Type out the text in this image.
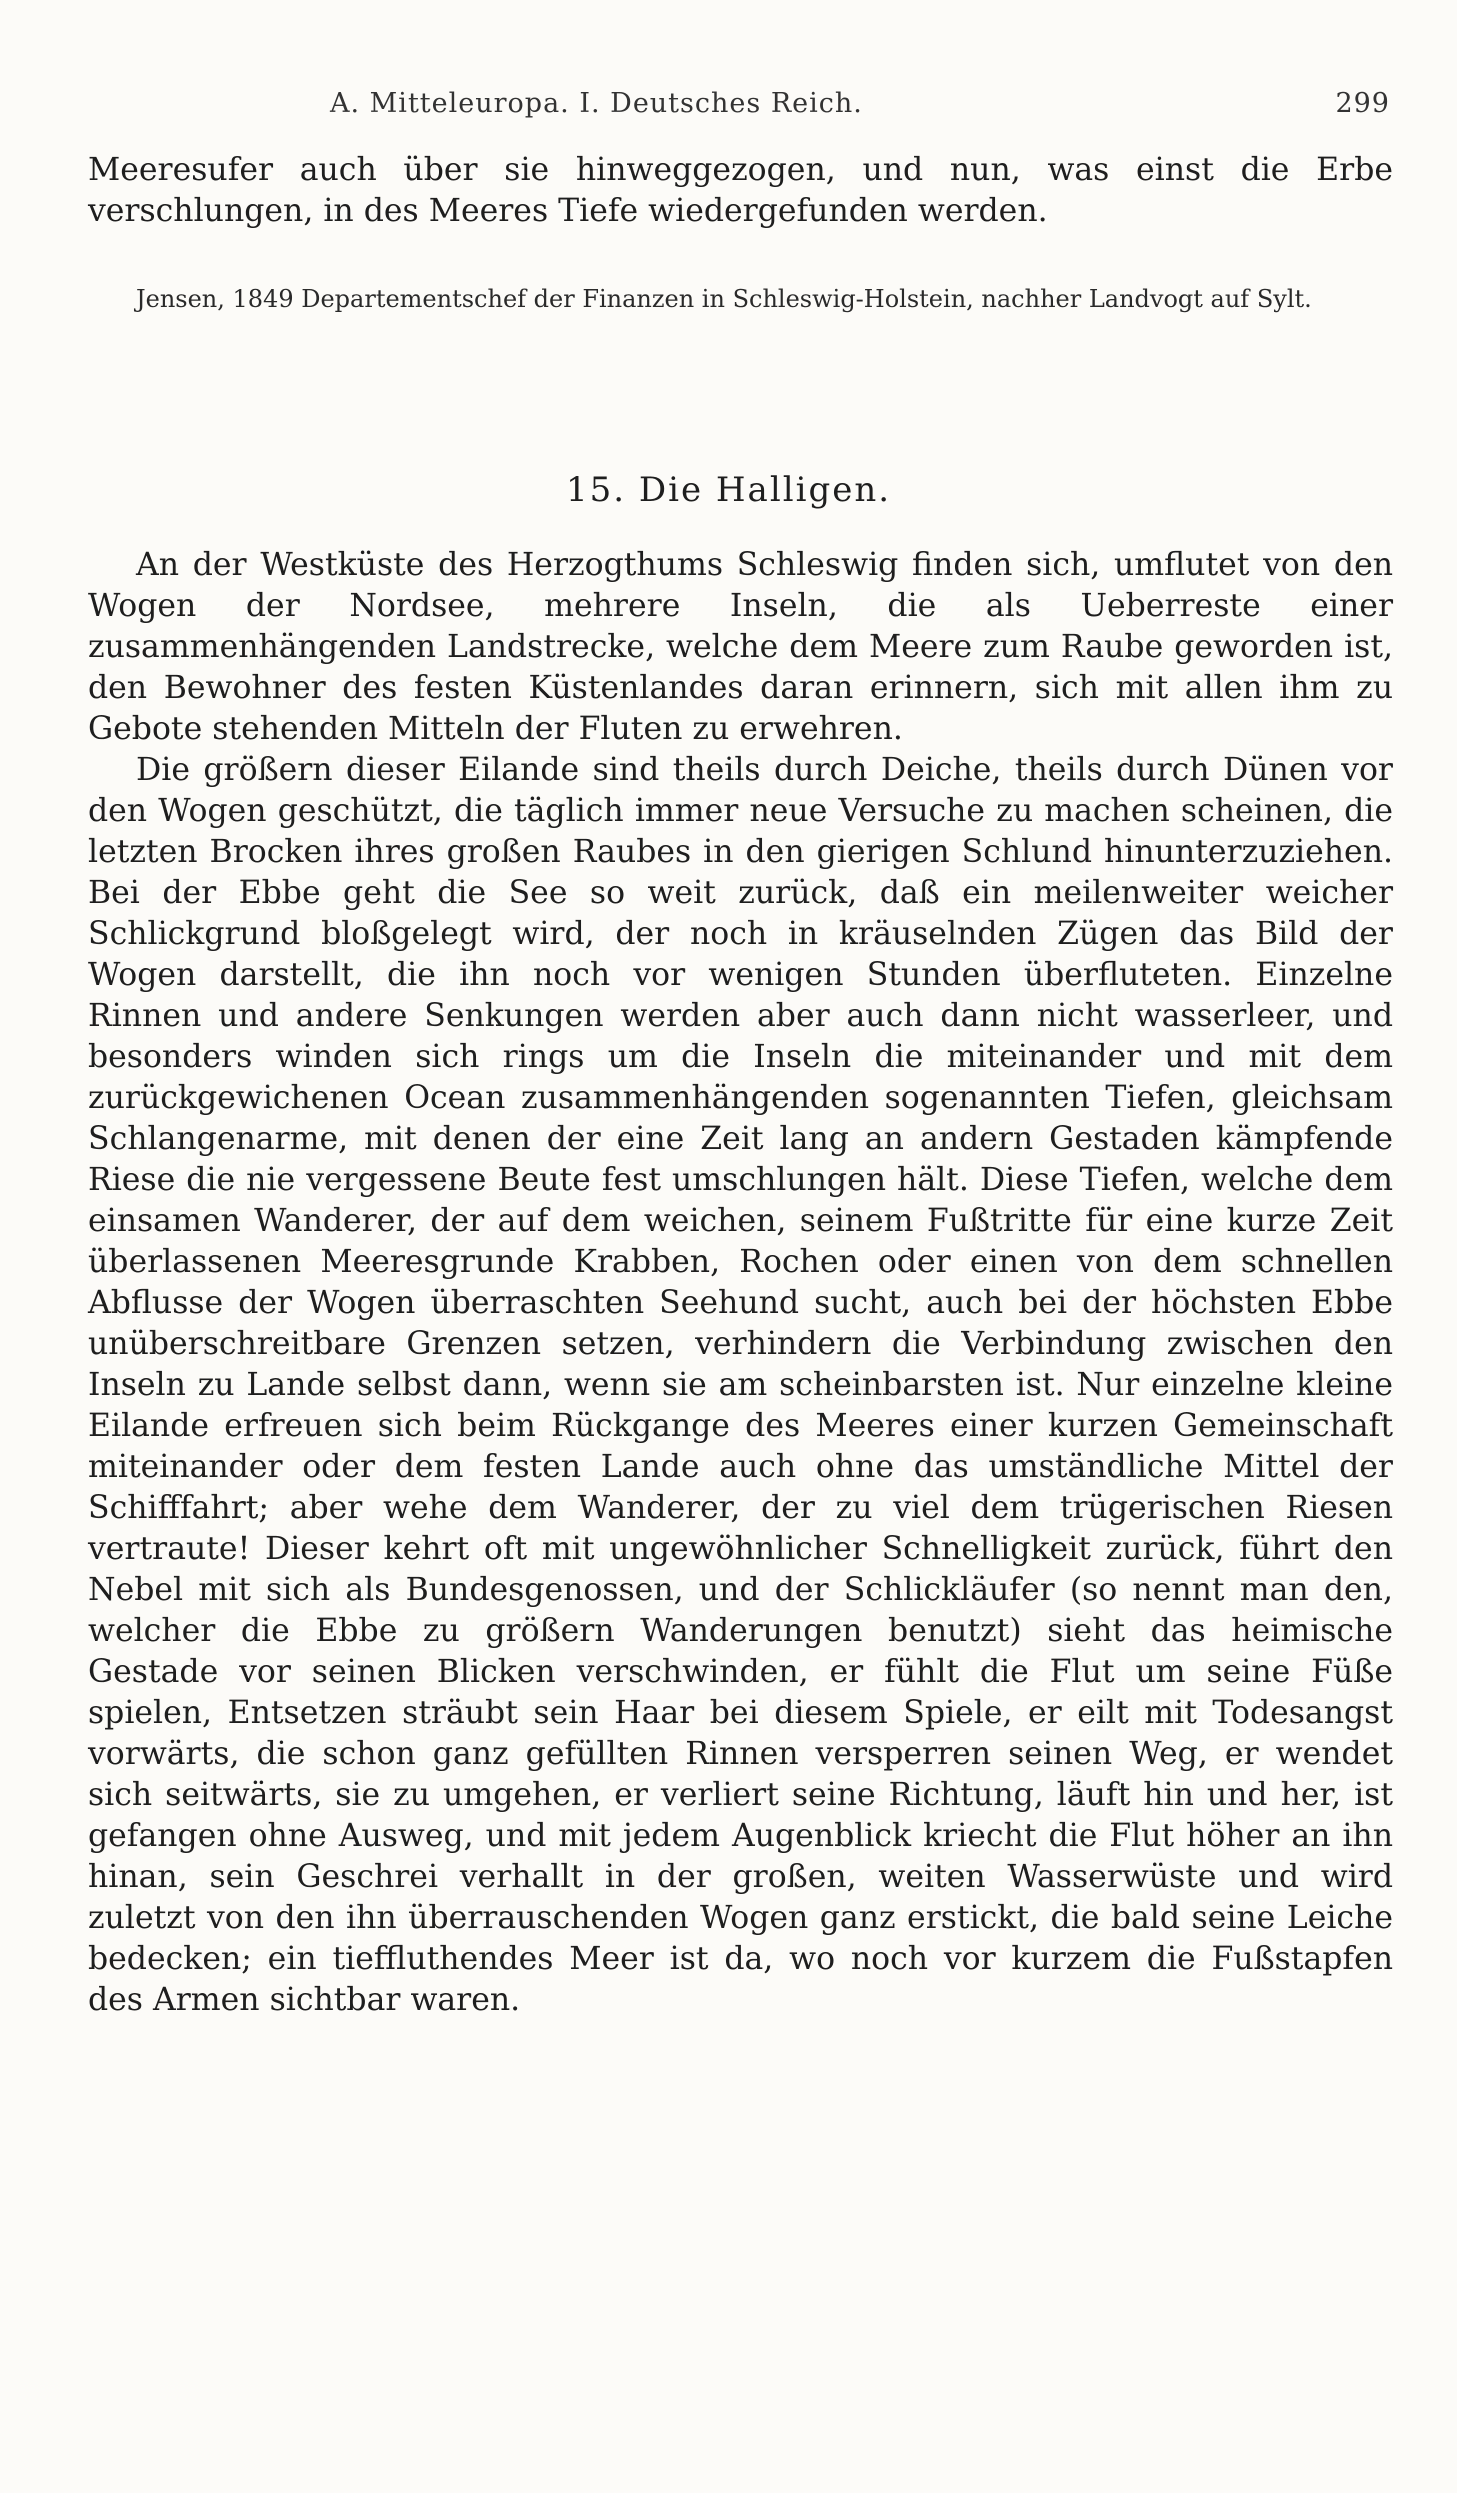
A. Mitteleuropa. I. Deutsches Reich.	299

Meeresufer auch über sie hinweggezogen, und nun, was einst die Erbe verschlungen, in des Meeres Tiefe wiedergefunden werden.

Jensen, 1849 Departementschef der Finanzen in Schleswig-Holstein, nachher Landvogt auf Sylt.
15. Die Halligen.

An der Westküste des Herzogthums Schleswig finden sich, umflutet von den Wogen der Nordsee, mehrere Inseln, die als Ueberreste einer zusammenhängenden Landstrecke, welche dem Meere zum Raube geworden ist, den Bewohner des festen Küstenlandes daran erinnern, sich mit allen ihm zu Gebote stehenden Mitteln der Fluten zu erwehren.

Die größern dieser Eilande sind theils durch Deiche, theils durch Dünen vor den Wogen geschützt, die täglich immer neue Versuche zu machen scheinen, die letzten Brocken ihres großen Raubes in den gierigen Schlund hinunterzuziehen. Bei der Ebbe geht die See so weit zurück, daß ein meilenweiter weicher Schlickgrund bloßgelegt wird, der noch in kräuselnden Zügen das Bild der Wogen darstellt, die ihn noch vor wenigen Stunden überfluteten. Einzelne Rinnen und andere Senkungen werden aber auch dann nicht wasserleer, und besonders winden sich rings um die Inseln die miteinander und mit dem zurückgewichenen Ocean zusammenhängenden sogenannten Tiefen, gleichsam Schlangenarme, mit denen der eine Zeit lang an andern Gestaden kämpfende Riese die nie vergessene Beute fest umschlungen hält. Diese Tiefen, welche dem einsamen Wanderer, der auf dem weichen, seinem Fußtritte für eine kurze Zeit überlassenen Meeresgrunde Krabben, Rochen oder einen von dem schnellen Abflusse der Wogen überraschten Seehund sucht, auch bei der höchsten Ebbe unüberschreitbare Grenzen setzen, verhindern die Verbindung zwischen den Inseln zu Lande selbst dann, wenn sie am scheinbarsten ist. Nur einzelne kleine Eilande erfreuen sich beim Rückgange des Meeres einer kurzen Gemeinschaft miteinander oder dem festen Lande auch ohne das umständliche Mittel der Schifffahrt; aber wehe dem Wanderer, der zu viel dem trügerischen Riesen vertraute! Dieser kehrt oft mit ungewöhnlicher Schnelligkeit zurück, führt den Nebel mit sich als Bundesgenossen, und der Schlickläufer (so nennt man den, welcher die Ebbe zu größern Wanderungen benutzt) sieht das heimische Gestade vor seinen Blicken verschwinden, er fühlt die Flut um seine Füße spielen, Entsetzen sträubt sein Haar bei diesem Spiele, er eilt mit Todesangst vorwärts, die schon ganz gefüllten Rinnen versperren seinen Weg, er wendet sich seitwärts, sie zu umgehen, er verliert seine Richtung, läuft hin und her, ist gefangen ohne Ausweg, und mit jedem Augenblick kriecht die Flut höher an ihn hinan, sein Geschrei verhallt in der großen, weiten Wasserwüste und wird zuletzt von den ihn überrauschenden Wogen ganz erstickt, die bald seine Leiche bedecken; ein tieffluthendes Meer ist da, wo noch vor kurzem die Fußstapfen des Armen sichtbar waren.
